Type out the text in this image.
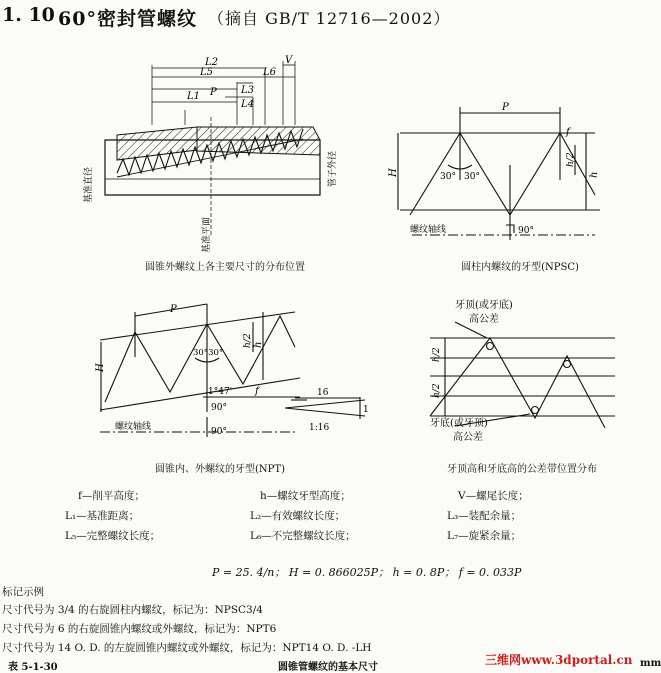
1. 10 60°密封管螺纹 （摘自 GB/T 12716—2002）
L2
L5	L6
V
L1 P L3
L4
基准直径	管子外径
基准平面
圆锥外螺纹上各主要尺寸的分布位置
P
f
h/2
h
H	30° 30°
90°
螺纹轴线
圆柱内螺纹的牙型(NPSC)
P
H
h/2 h
f
30°30°
1°47'
90°
90°
螺纹轴线
16
1
1:16
圆锥内、外螺纹的牙型(NPT)
牙顶(或牙底)
高公差
牙底(或牙顶)
高公差
h/2
h/2
牙顶高和牙底高的公差带位置分布
f—削平高度；	h—螺纹牙型高度；	V—螺尾长度；
L₁—基准距离；	L₂—有效螺纹长度；	L₃—装配余量；
L₅—完整螺纹长度；	L₆—不完整螺纹长度；	L₇—旋紧余量；
P = 25. 4/n； H = 0. 866025P； h = 0. 8P； f = 0. 033P
标记示例
尺寸代号为 3/4 的右旋圆柱内螺纹，标记为：NPSC3/4
尺寸代号为 6 的右旋圆锥内螺纹或外螺纹，标记为：NPT6
尺寸代号为 14 O. D. 的左旋圆锥内螺纹或外螺纹，标记为：NPT14 O. D. -LH
表 5-1-30	圆锥管螺纹的基本尺寸	mm
三维网www.3dportal.cn
